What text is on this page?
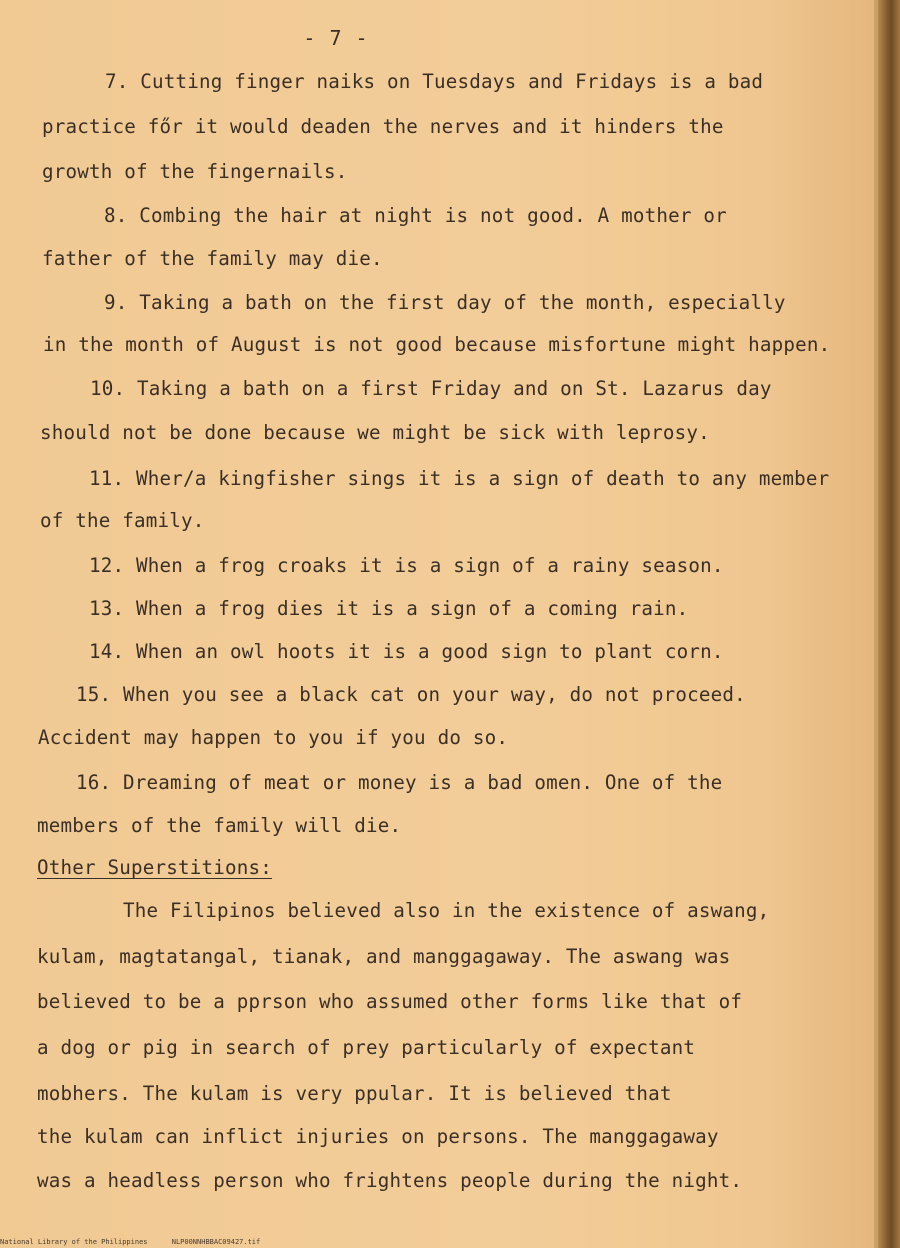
- 7 -
7. Cutting finger naiks on Tuesdays and Fridays is a bad
practice főr it would deaden the nerves and it hinders the
growth of the fingernails.
8. Combing the hair at night is not good. A mother or
father of the family may die.
9. Taking a bath on the first day of the month, especially
in the month of August is not good because misfortune might happen.
10. Taking a bath on a first Friday and on St. Lazarus day
should not be done because we might be sick with leprosy.
11. Wher/a kingfisher sings it is a sign of death to any member
of the family.
12. When a frog croaks it is a sign of a rainy season.
13. When a frog dies it is a sign of a coming rain.
14. When an owl hoots it is a good sign to plant corn.
15. When you see a black cat on your way, do not proceed.
Accident may happen to you if you do so.
16. Dreaming of meat or money is a bad omen. One of the
members of the family will die.
Other Superstitions:
The Filipinos believed also in the existence of aswang,
kulam, magtatangal, tianak, and manggagaway. The aswang was
believed to be a pprson who assumed other forms like that of
a dog or pig in search of prey particularly of expectant
mobhers. The kulam is very ppular. It is believed that
the kulam can inflict injuries on persons. The manggagaway
was a headless person who frightens people during the night.
National Library of the Philippines	NLP00NNHBBAC09427.tif
